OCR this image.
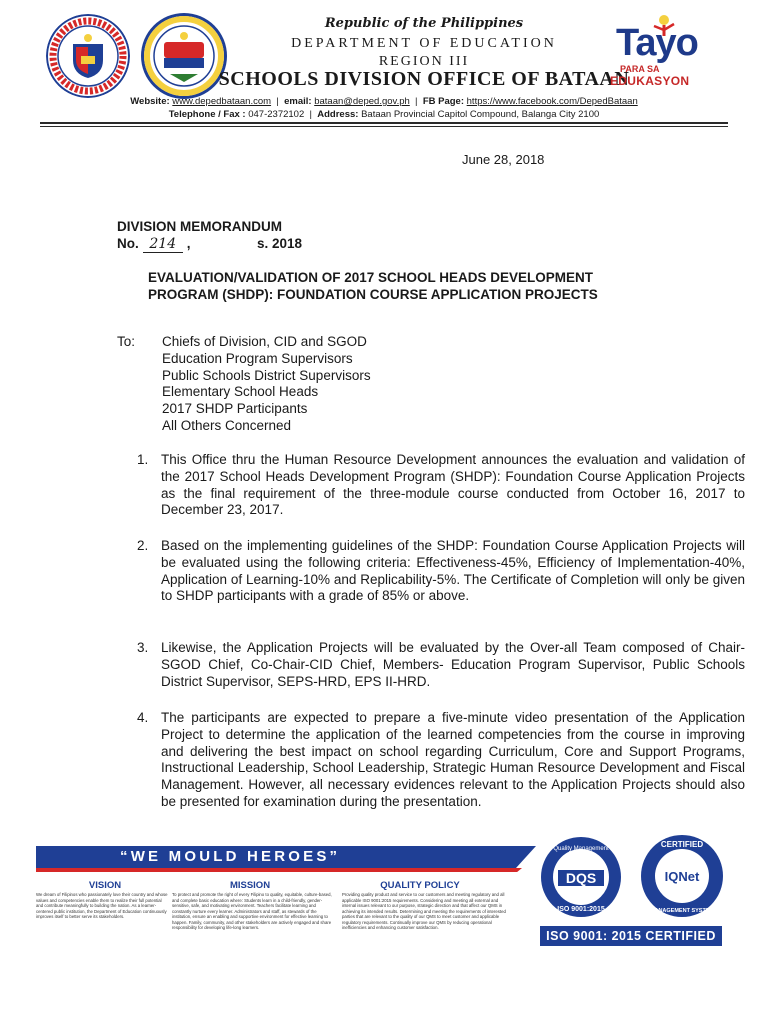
Republic of the Philippines
DEPARTMENT OF EDUCATION
REGION III
SCHOOLS DIVISION OFFICE OF BATAAN
Tayo
PARA SA
EDUKASYON
Website: www.depedbataan.com  |  email: bataan@deped.gov.ph  |  FB Page: https://www.facebook.com/DepedBataan
Telephone / Fax : 047-2372102  |  Address: Bataan Provincial Capitol Compound, Balanga City 2100
June 28, 2018
DIVISION MEMORANDUM
No. 214 ,	s. 2018
EVALUATION/VALIDATION OF 2017 SCHOOL HEADS DEVELOPMENT
PROGRAM (SHDP): FOUNDATION COURSE APPLICATION PROJECTS
To: Chiefs of Division, CID and SGOD
Education Program Supervisors
Public Schools District Supervisors
Elementary School Heads
2017 SHDP Participants
All Others Concerned
1. This Office thru the Human Resource Development announces the evaluation and validation of the 2017 School Heads Development Program (SHDP): Foundation Course Application Projects as the final requirement of the three-module course conducted from October 16, 2017 to December 23, 2017.
2. Based on the implementing guidelines of the SHDP: Foundation Course Application Projects will be evaluated using the following criteria: Effectiveness-45%, Efficiency of Implementation-40%, Application of Learning-10% and Replicability-5%. The Certificate of Completion will only be given to SHDP participants with a grade of 85% or above.
3. Likewise, the Application Projects will be evaluated by the Over-all Team composed of Chair-SGOD Chief, Co-Chair-CID Chief, Members- Education Program Supervisor, Public Schools District Supervisor, SEPS-HRD, EPS II-HRD.
4. The participants are expected to prepare a five-minute video presentation of the Application Project to determine the application of the learned competencies from the course in improving and delivering the best impact on school regarding Curriculum, Core and Support Programs, Instructional Leadership, School Leadership, Strategic Human Resource Development and Fiscal Management. However, all necessary evidences relevant to the Application Projects should also be presented for examination during the presentation.
“WE MOULD HEROES”
VISION
We dream of Filipinos who passionately love their country and whose values and competencies enable them to realize their full potential and contribute meaningfully to building the nation. As a learner-centered public institution, the Department of Education continuously improves itself to better serve its stakeholders.
MISSION
To protect and promote the right of every Filipino to quality, equitable, culture-based, and complete basic education where: Students learn in a child-friendly, gender-sensitive, safe, and motivating environment. Teachers facilitate learning and constantly nurture every learner. Administrators and staff, as stewards of the institution, ensure an enabling and supportive environment for effective learning to happen. Family, community, and other stakeholders are actively engaged and share responsibility for developing life-long learners.
QUALITY POLICY
Providing quality product and service to our customers and meeting regulatory and all applicable ISO 9001:2015 requirements. Considering and meeting all external and internal issues relevant to our purpose, strategic direction and that affect our QMS in achieving its intended results. Determining and meeting the requirements of interested parties that are relevant to the quality of our QMS to meet customer and applicable regulatory requirements. Continually improve our QMS by reducing operational inefficiencies and enhancing customer satisfaction.
DQS
Quality Management
ISO 9001:2015
IQNet
CERTIFIED
MANAGEMENT SYSTEM
ISO 9001: 2015 CERTIFIED
